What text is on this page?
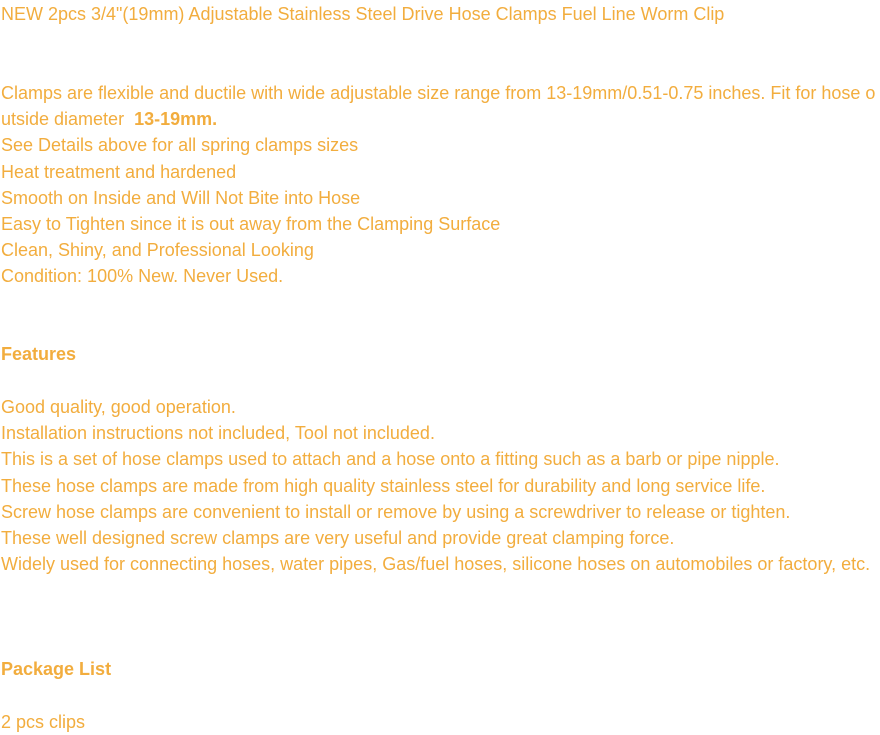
NEW 2pcs 3/4"(19mm) Adjustable Stainless Steel Drive Hose Clamps Fuel Line Worm Clip
Clamps are flexible and ductile with wide adjustable size range from 13-19mm/0.51-0.75 inches. Fit for hose outside diameter 13-19mm.
See Details above for all spring clamps sizes
Heat treatment and hardened
Smooth on Inside and Will Not Bite into Hose
Easy to Tighten since it is out away from the Clamping Surface
Clean, Shiny, and Professional Looking
Condition: 100% New. Never Used.
Features
Good quality, good operation.
Installation instructions not included, Tool not included.
This is a set of hose clamps used to attach and a hose onto a fitting such as a barb or pipe nipple.
These hose clamps are made from high quality stainless steel for durability and long service life.
Screw hose clamps are convenient to install or remove by using a screwdriver to release or tighten.
These well designed screw clamps are very useful and provide great clamping force.
Widely used for connecting hoses, water pipes, Gas/fuel hoses, silicone hoses on automobiles or factory, etc.
Package List
2 pcs clips
